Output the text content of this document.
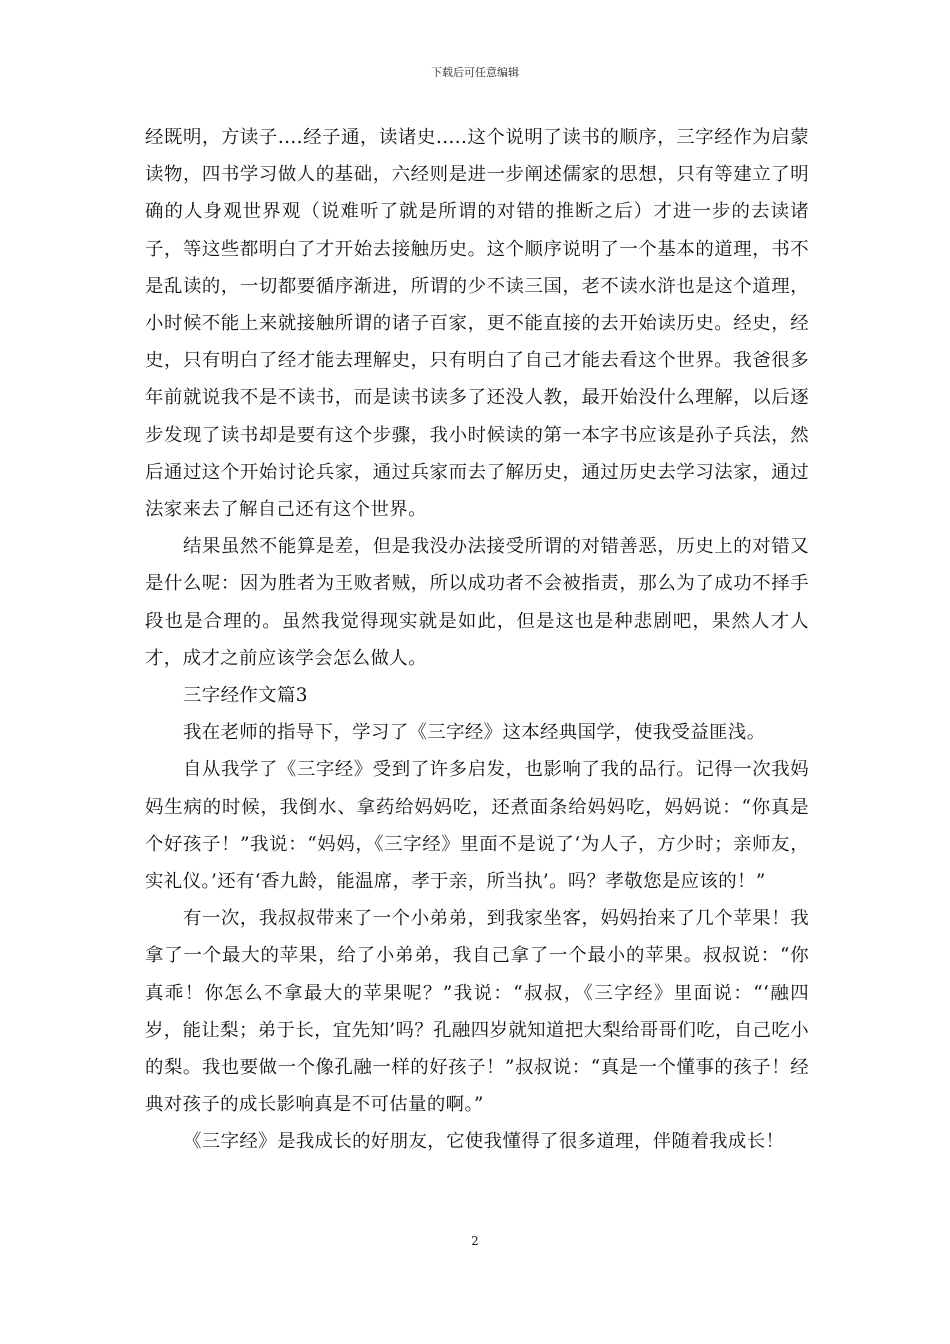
下载后可任意编辑

经既明，方读子....经子通，读诸史.....这个说明了读书的顺序，三字经作为启蒙读物，四书学习做人的基础，六经则是进一步阐述儒家的思想，只有等建立了明确的人身观世界观（说难听了就是所谓的对错的推断之后）才进一步的去读诸子，等这些都明白了才开始去接触历史。这个顺序说明了一个基本的道理，书不是乱读的，一切都要循序渐进，所谓的少不读三国，老不读水浒也是这个道理，小时候不能上来就接触所谓的诸子百家，更不能直接的去开始读历史。经史，经史，只有明白了经才能去理解史，只有明白了自己才能去看这个世界。我爸很多年前就说我不是不读书，而是读书读多了还没人教，最开始没什么理解，以后逐步发现了读书却是要有这个步骤，我小时候读的第一本字书应该是孙子兵法，然后通过这个开始讨论兵家，通过兵家而去了解历史，通过历史去学习法家，通过法家来去了解自己还有这个世界。

结果虽然不能算是差，但是我没办法接受所谓的对错善恶，历史上的对错又是什么呢：因为胜者为王败者贼，所以成功者不会被指责，那么为了成功不择手段也是合理的。虽然我觉得现实就是如此，但是这也是种悲剧吧，果然人才人才，成才之前应该学会怎么做人。

三字经作文篇3

我在老师的指导下，学习了《三字经》这本经典国学，使我受益匪浅。

自从我学了《三字经》受到了许多启发，也影响了我的品行。记得一次我妈妈生病的时候，我倒水、拿药给妈妈吃，还煮面条给妈妈吃，妈妈说：“你真是个好孩子！”我说：“妈妈，《三字经》里面不是说了‘为人子，方少时；亲师友，实礼仪。’还有‘香九龄，能温席，孝于亲，所当执’。吗？孝敬您是应该的！”

有一次，我叔叔带来了一个小弟弟，到我家坐客，妈妈抬来了几个苹果！我拿了一个最大的苹果，给了小弟弟，我自己拿了一个最小的苹果。叔叔说：“你真乖！你怎么不拿最大的苹果呢？”我说：“叔叔，《三字经》里面说：“‘融四岁，能让梨；弟于长，宜先知’吗？孔融四岁就知道把大梨给哥哥们吃，自己吃小的梨。我也要做一个像孔融一样的好孩子！”叔叔说：“真是一个懂事的孩子！经典对孩子的成长影响真是不可估量的啊。”

《三字经》是我成长的好朋友，它使我懂得了很多道理，伴随着我成长！

2
